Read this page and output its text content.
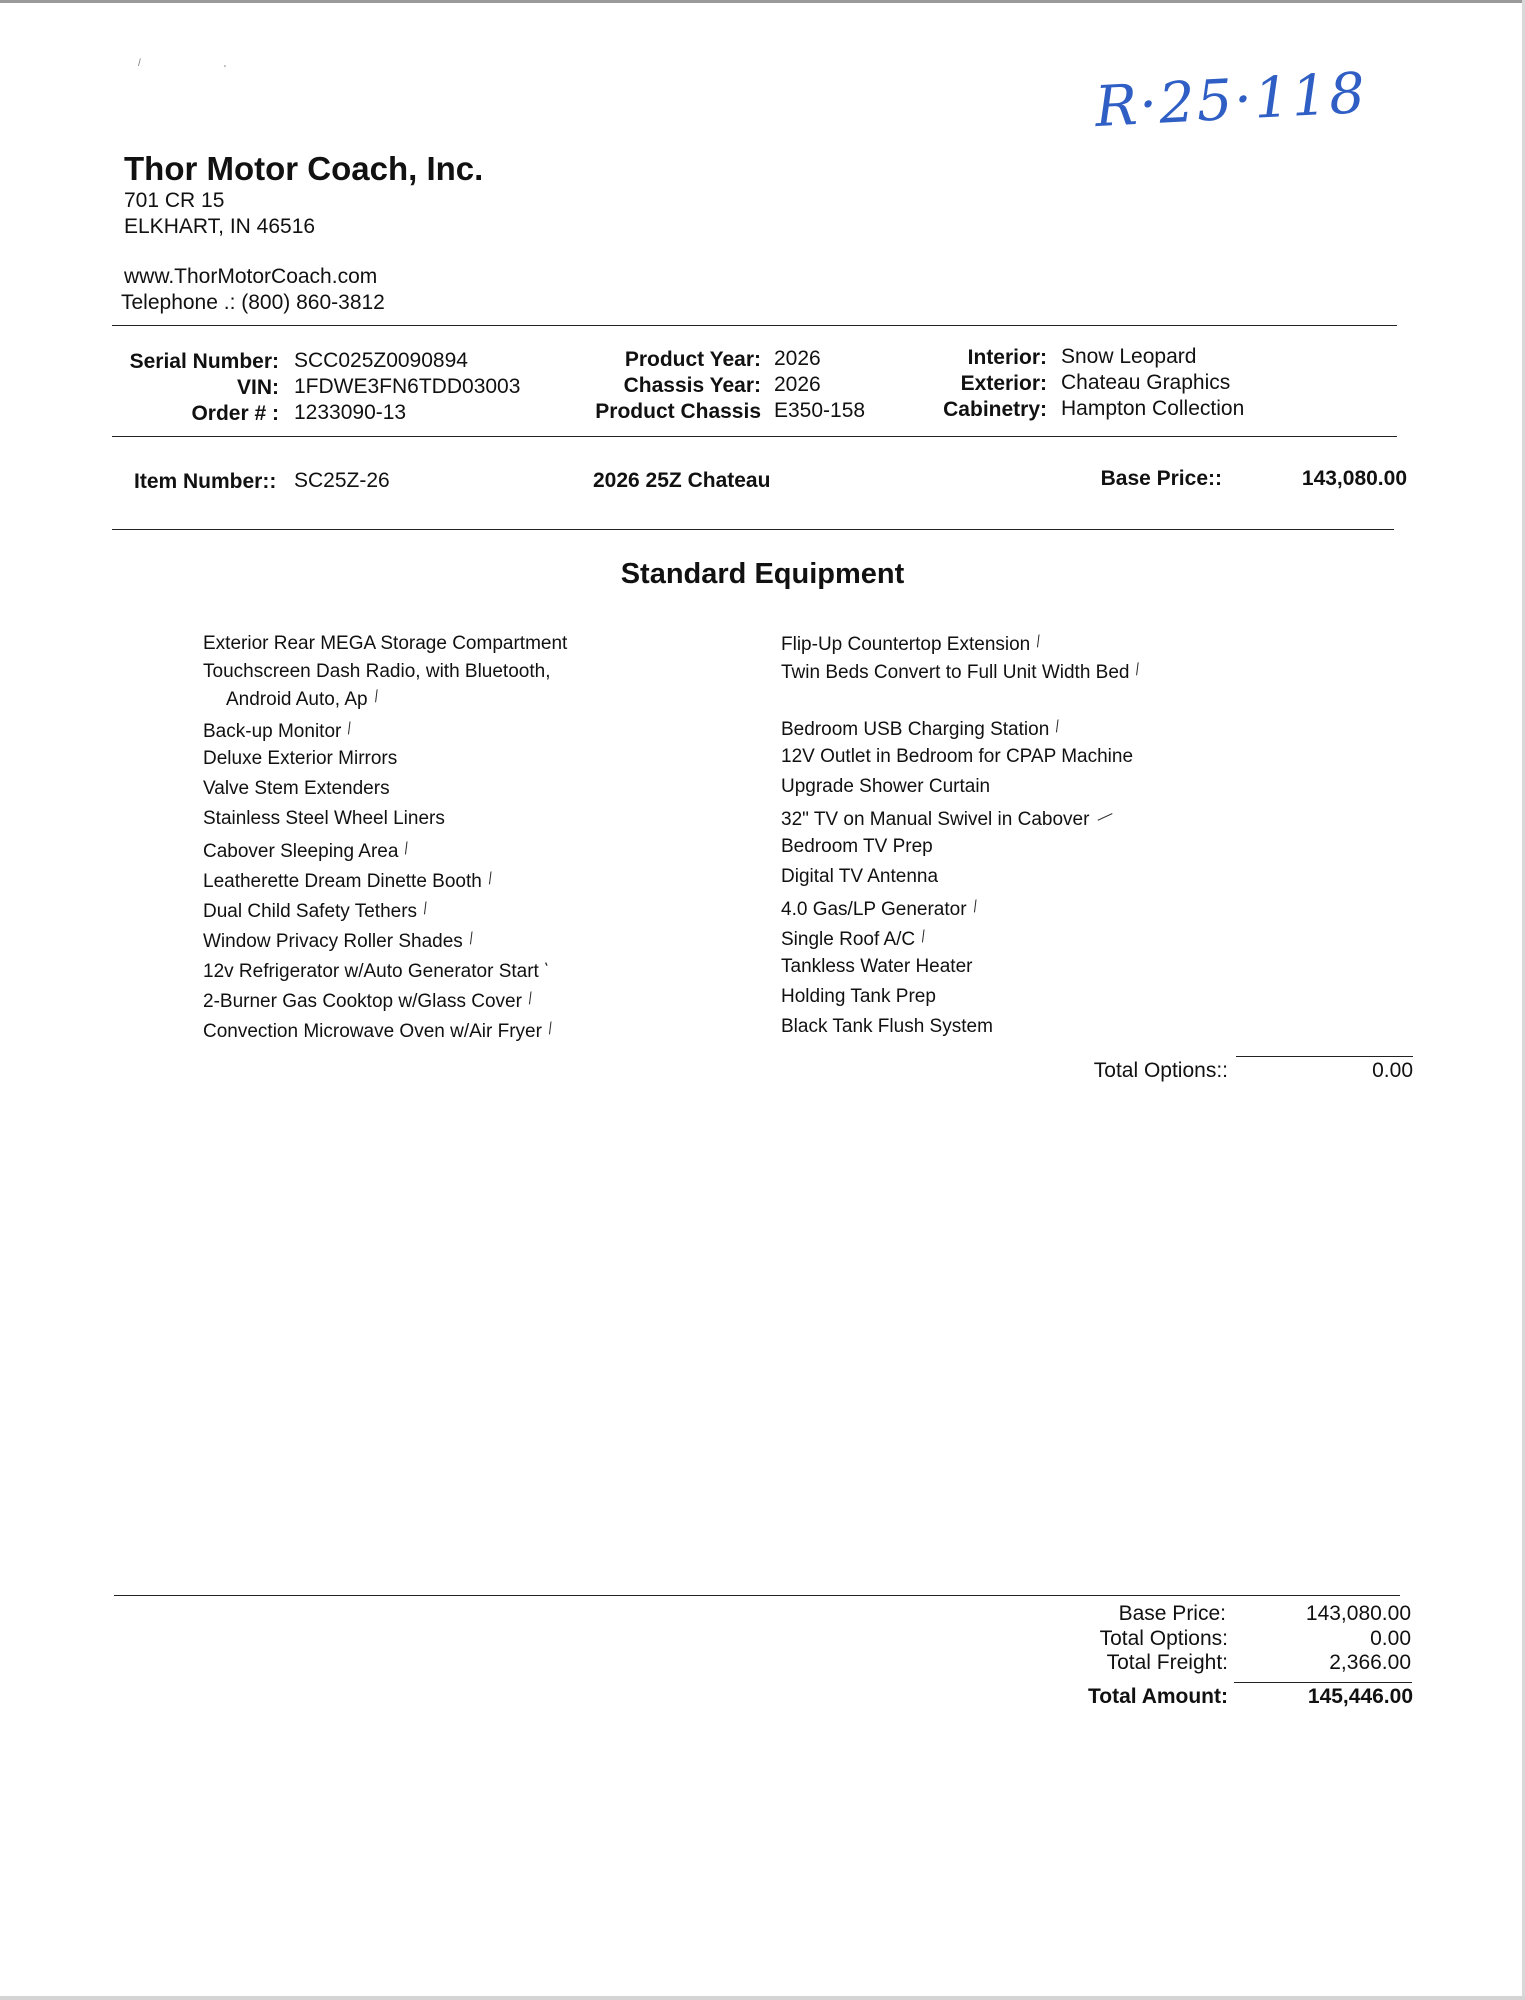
/
'	R·25·118
Thor Motor Coach, Inc.
701 CR 15
ELKHART, IN 46516
www.ThorMotorCoach.com
Telephone .: (800) 860-3812
Serial Number: SCC025Z0090894
VIN: 1FDWE3FN6TDD03003
Order # : 1233090-13
Product Year: 2026
Chassis Year: 2026
Product Chassis E350-158
Interior: Snow Leopard
Exterior: Chateau Graphics
Cabinetry: Hampton Collection
Item Number:: SC25Z-26	2026 25Z Chateau	Base Price::	143,080.00
Standard Equipment
Exterior Rear MEGA Storage Compartment
Touchscreen Dash Radio, with Bluetooth,
Android Auto, Ap ⁄
Back-up Monitor ⁄
Deluxe Exterior Mirrors
Valve Stem Extenders
Stainless Steel Wheel Liners
Cabover Sleeping Area ⁄
Leatherette Dream Dinette Booth ⁄
Dual Child Safety Tethers ⁄
Window Privacy Roller Shades ⁄
12v Refrigerator w/Auto Generator Start '
2-Burner Gas Cooktop w/Glass Cover ⁄
Convection Microwave Oven w/Air Fryer ⁄
Flip-Up Countertop Extension ⁄
Twin Beds Convert to Full Unit Width Bed ⁄
Bedroom USB Charging Station ⁄
12V Outlet in Bedroom for CPAP Machine
Upgrade Shower Curtain
32" TV on Manual Swivel in Cabover —
Bedroom TV Prep
Digital TV Antenna
4.0 Gas/LP Generator ⁄
Single Roof A/C ⁄
Tankless Water Heater
Holding Tank Prep
Black Tank Flush System
Total Options::	0.00
Base Price:	143,080.00
Total Options:	0.00
Total Freight:	2,366.00
Total Amount:	145,446.00
